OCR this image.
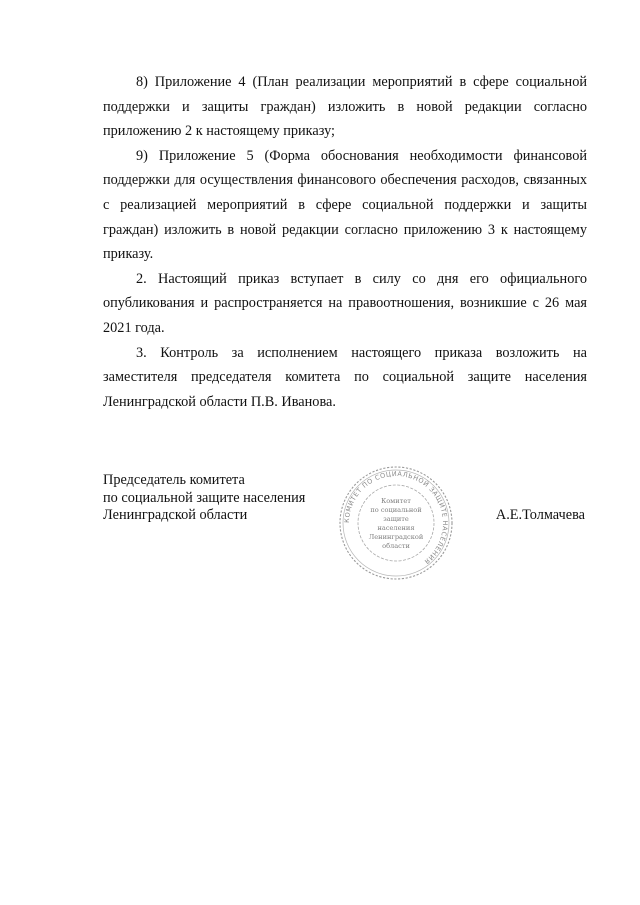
8) Приложение 4 (План реализации мероприятий в сфере социальной поддержки и защиты граждан) изложить в новой редакции согласно приложению 2 к настоящему приказу;

9) Приложение 5 (Форма обоснования необходимости финансовой поддержки для осуществления финансового обеспечения расходов, связанных с реализацией мероприятий в сфере социальной поддержки и защиты граждан) изложить в новой редакции согласно приложению 3 к настоящему приказу.

2. Настоящий приказ вступает в силу со дня его официального опубликования и распространяется на правоотношения, возникшие с 26 мая 2021 года.

3. Контроль за исполнением настоящего приказа возложить на заместителя председателя комитета по социальной защите населения Ленинградской области П.В. Иванова.

Председатель комитета
по социальной защите населения
Ленинградской области	КОМИТЕТ ПО СОЦИАЛЬНОЙ ЗАЩИТЕ НАСЕЛЕНИЯ
Комитет
по социальной
защите
населения
Ленинградской
области
А.Е.Толмачева
